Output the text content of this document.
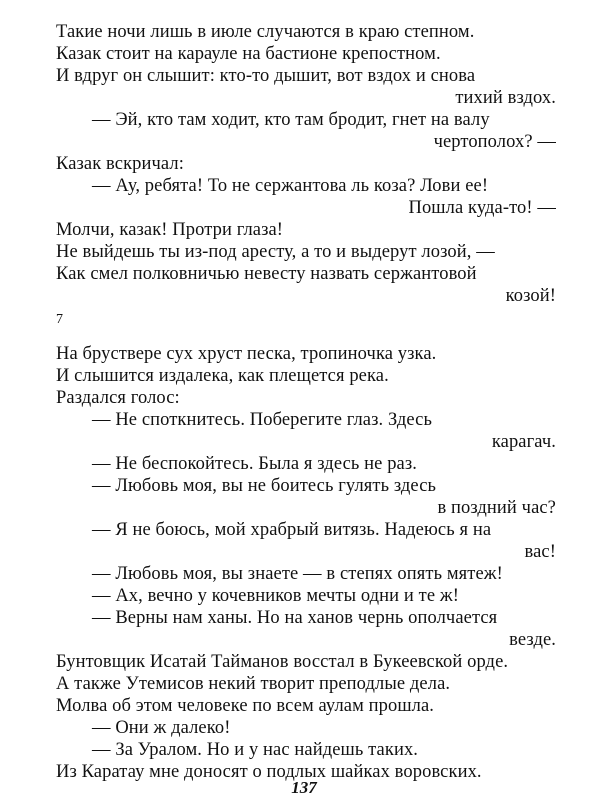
Такие ночи лишь в июле случаются в краю степном.
Казак стоит на карауле на бастионе крепостном.
И вдруг он слышит: кто-то дышит, вот вздох и снова
тихий вздох.
— Эй, кто там ходит, кто там бродит, гнет на валу
чертополох? —
Казак вскричал:
— Ау, ребята! То не сержантова ль коза? Лови ее!
Пошла куда-то! —
Молчи, казак! Протри глаза!
Не выйдешь ты из-под аресту, а то и выдерут лозой, —
Как смел полковничью невесту назвать сержантовой
козой!
7
На бруствере сух хруст песка, тропиночка узка.
И слышится издалека, как плещется река.
Раздался голос:
— Не споткнитесь. Поберегите глаз. Здесь
карагач.
— Не беспокойтесь. Была я здесь не раз.
— Любовь моя, вы не боитесь гулять здесь
в поздний час?
— Я не боюсь, мой храбрый витязь. Надеюсь я на
вас!
— Любовь моя, вы знаете — в степях опять мятеж!
— Ах, вечно у кочевников мечты одни и те ж!
— Верны нам ханы. Но на ханов чернь ополчается
везде.
Бунтовщик Исатай Тайманов восстал в Букеевской орде.
А также Утемисов некий творит преподлые дела.
Молва об этом человеке по всем аулам прошла.
— Они ж далеко!
— За Уралом. Но и у нас найдешь таких.
Из Каратау мне доносят о подлых шайках воровских.
137
